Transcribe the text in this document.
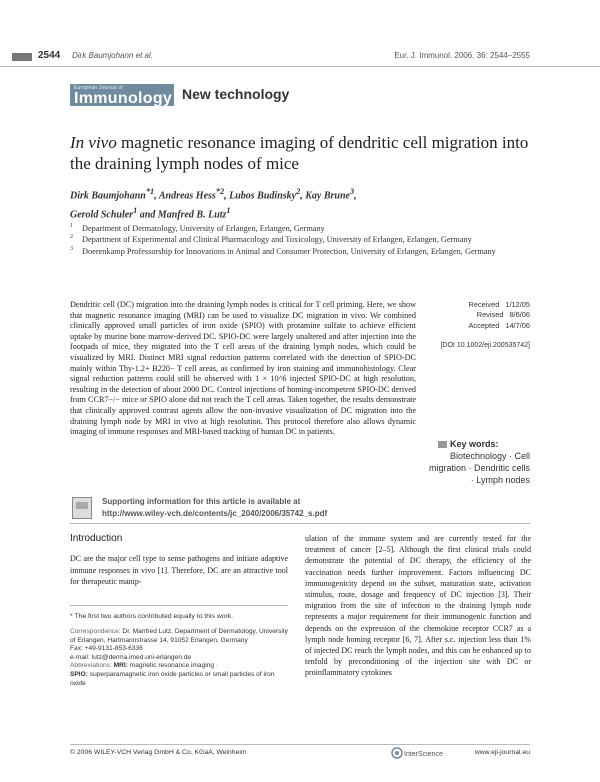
2544 Dirk Baumjohann et al.	Eur. J. Immunol. 2006. 36: 2544–2555
European Journal of
Immunology New technology
In vivo magnetic resonance imaging of dendritic cell migration into the draining lymph nodes of mice
Dirk Baumjohann$^{*1}$, Andreas Hess$^{*2}$, Lubos Budinsky$^2$, Kay Brune$^3$,
Gerold Schuler$^1$ and Manfred B. Lutz$^1$
1 Department of Dermatology, University of Erlangen, Erlangen, Germany
2 Department of Experimental and Clinical Pharmacology and Toxicology, University of Erlangen, Erlangen, Germany
3 Doerenkamp Professorship for Innovations in Animal and Consumer Protection, University of Erlangen, Erlangen, Germany
Dendritic cell (DC) migration into the draining lymph nodes is critical for T cell priming. Here, we show that magnetic resonance imaging (MRI) can be used to visualize DC migration in vivo. We combined clinically approved small particles of iron oxide (SPIO) with protamine sulfate to achieve efficient uptake by murine bone marrow-derived DC. SPIO-DC were largely unaltered and after injection into the footpads of mice, they migrated into the T cell areas of the draining lymph nodes, which could be visualized by MRI. Distinct MRI signal reduction patterns correlated with the detection of SPIO-DC mainly within Thy-1.2+ B220− T cell areas, as confirmed by iron staining and immunohistology. Clear signal reduction patterns could still be observed with 1 × 10^6 injected SPIO-DC at high resolution, resulting in the detection of about 2000 DC. Control injections of homing-incompetent SPIO-DC derived from CCR7−/− mice or SPIO alone did not reach the T cell areas. Taken together, the results demonstrate that clinically approved contrast agents allow the non-invasive visualization of DC migration into the draining lymph node by MRI in vivo at high resolution. This protocol therefore also allows dynamic imaging of immune responses and MRI-based tracking of human DC in patients.
Received 1/12/05
Revised 8/6/06
Accepted 14/7/06
[DOI 10.1002/eji.200535742]
Key words:
Biotechnology · Cell migration · Dendritic cells · Lymph nodes
Supporting information for this article is available at
http://www.wiley-vch.de/contents/jc_2040/2006/35742_s.pdf
Introduction
DC are the major cell type to sense pathogens and initiate adaptive immune responses in vivo [1]. Therefore, DC are an attractive tool for therapeutic manip-
ulation of the immune system and are currently tested for the treatment of cancer [2–5]. Although the first clinical trials could demonstrate the potential of DC therapy, the efficiency of the vaccination needs further improvement. Factors influencing DC immunogenicity depend on the subset, maturation state, activation stimulus, route, dosage and frequency of DC injection [3]. Their migration from the site of infection to the draining lymph node represents a major requirement for their immunogenic function and depends on the expression of the chemokine receptor CCR7 as a lymph node homing receptor [6, 7]. After s.c. injection less than 1% of injected DC reach the lymph nodes, and this can be enhanced up to tenfold by preconditioning of the injection site with DC or proinflammatory cytokines
* The first two authors contributed equally to this work.
Correspondence: Dr. Manfred Lutz, Department of Dermatology, University of Erlangen, Hartmannstrasse 14, 91052 Erlangen, Germany
Fax: +49-9131-853-6336
e-mail: lutz@derma.imed.uni-erlangen.de
Abbreviations: MRI: magnetic resonance imaging ·
SPIO: superparamagnetic iron oxide particles or small particles of iron oxide
© 2006 WILEY-VCH Verlag GmbH & Co. KGaA, Weinheim	InterScience	www.eji-journal.eu
